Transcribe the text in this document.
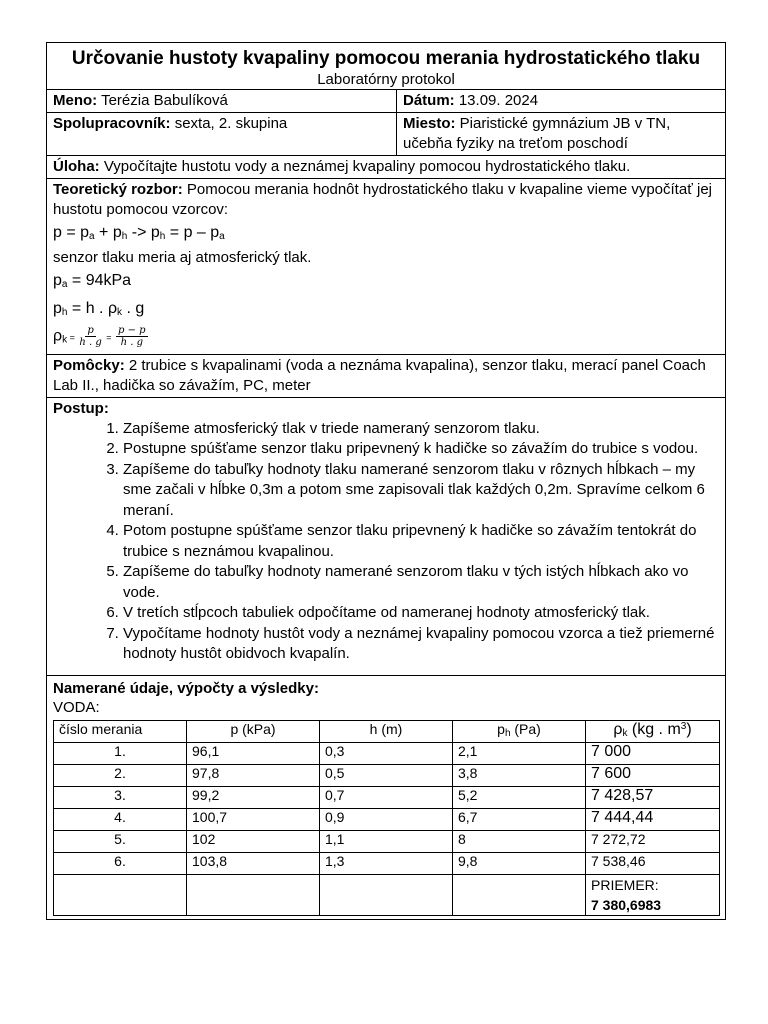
Určovanie hustoty kvapaliny pomocou merania hydrostatického tlaku
Laboratórny protokol
Meno: Terézia Babulíková	Dátum: 13.09. 2024
Spolupracovník: sexta, 2. skupina	Miesto: Piaristické gymnázium JB v TN,
učebňa fyziky na treťom poschodí
Úloha: Vypočítajte hustotu vody a neznámej kvapaliny pomocou hydrostatického tlaku.
Teoretický rozbor: Pomocou merania hodnôt hydrostatického tlaku v kvapaline vieme vypočítať jej hustotu pomocou vzorcov:
p = pa + ph -> ph = p – pa
senzor tlaku meria aj atmosferický tlak.
pa = 94kPa
ph = h . ρk . g
$\rho k = \frac{p}{h . g} = \frac{p - p}{h . g}$
Pomôcky: 2 trubice s kvapalinami (voda a neznáma kvapalina), senzor tlaku, merací panel Coach Lab II., hadička so závažím, PC, meter
Postup:
1. Zapíšeme atmosferický tlak v triede nameraný senzorom tlaku.
2. Postupne spúšťame senzor tlaku pripevnený k hadičke so závažím do trubice s vodou.
3. Zapíšeme do tabuľky hodnoty tlaku namerané senzorom tlaku v rôznych hĺbkach – my sme začali v hĺbke 0,3m a potom sme zapisovali tlak každých 0,2m. Spravíme celkom 6 meraní.
4. Potom postupne spúšťame senzor tlaku pripevnený k hadičke so závažím tentokrát do trubice s neznámou kvapalinou.
5. Zapíšeme do tabuľky hodnoty namerané senzorom tlaku v tých istých hĺbkach ako vo vode.
6. V tretích stĺpcoch tabuliek odpočítame od nameranej hodnoty atmosferický tlak.
7. Vypočítame hodnoty hustôt vody a neznámej kvapaliny pomocou vzorca a tiež priemerné hodnoty hustôt obidvoch kvapalín.
Namerané údaje, výpočty a výsledky:
VODA:
číslo merania	p (kPa)	h (m)	ph (Pa)	ρk (kg . $m^3$)
1.	96,1	0,3	2,1	7 000
2.	97,8	0,5	3,8	7 600
3.	99,2	0,7	5,2	7 428,57
4.	100,7	0,9	6,7	7 444,44
5.	102	1,1	8	7 272,72
6.	103,8	1,3	9,8	7 538,46
				PRIEMER:
7 380,6983
